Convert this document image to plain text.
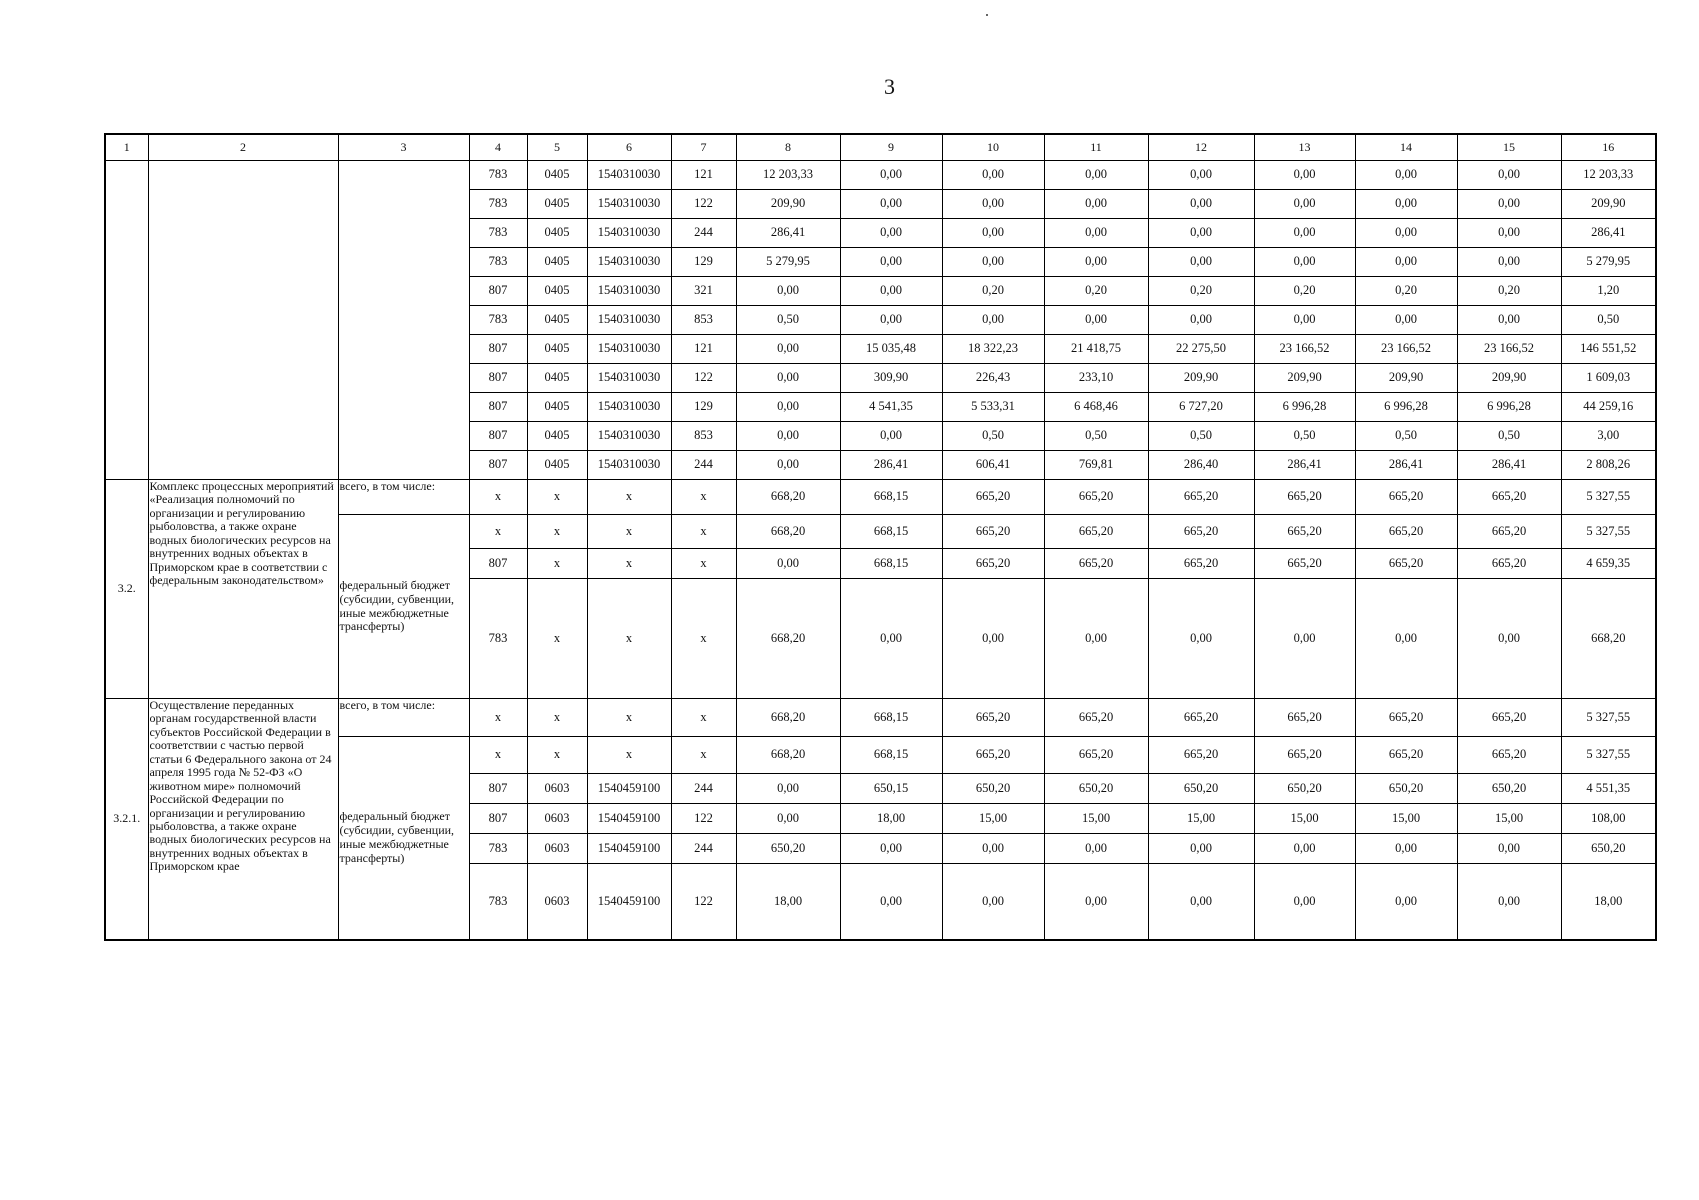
3
1	2	3	4	5	6	7	8	9	10	11	12	13	14	15	16
			783	0405	1540310030	121	12 203,33	0,00	0,00	0,00	0,00	0,00	0,00	0,00	12 203,33
			783	0405	1540310030	122	209,90	0,00	0,00	0,00	0,00	0,00	0,00	0,00	209,90
			783	0405	1540310030	244	286,41	0,00	0,00	0,00	0,00	0,00	0,00	0,00	286,41
			783	0405	1540310030	129	5 279,95	0,00	0,00	0,00	0,00	0,00	0,00	0,00	5 279,95
			807	0405	1540310030	321	0,00	0,00	0,20	0,20	0,20	0,20	0,20	0,20	1,20
			783	0405	1540310030	853	0,50	0,00	0,00	0,00	0,00	0,00	0,00	0,00	0,50
			807	0405	1540310030	121	0,00	15 035,48	18 322,23	21 418,75	22 275,50	23 166,52	23 166,52	23 166,52	146 551,52
			807	0405	1540310030	122	0,00	309,90	226,43	233,10	209,90	209,90	209,90	209,90	1 609,03
			807	0405	1540310030	129	0,00	4 541,35	5 533,31	6 468,46	6 727,20	6 996,28	6 996,28	6 996,28	44 259,16
			807	0405	1540310030	853	0,00	0,00	0,50	0,50	0,50	0,50	0,50	0,50	3,00
			807	0405	1540310030	244	0,00	286,41	606,41	769,81	286,40	286,41	286,41	286,41	2 808,26
3.2.	Комплекс процессных мероприятий «Реализация полномочий по организации и регулированию рыболовства, а также охране водных биологических ресурсов на внутренних водных объектах в Приморском крае в соответствии с федеральным законодательством»	всего, в том числе:	x	x	x	x	668,20	668,15	665,20	665,20	665,20	665,20	665,20	665,20	5 327,55
		федеральный бюджет (субсидии, субвенции, иные межбюджетные трансферты)	x	x	x	x	668,20	668,15	665,20	665,20	665,20	665,20	665,20	665,20	5 327,55
			807	x	x	x	0,00	668,15	665,20	665,20	665,20	665,20	665,20	665,20	4 659,35
			783	x	x	x	668,20	0,00	0,00	0,00	0,00	0,00	0,00	0,00	668,20
3.2.1.	Осуществление переданных органам государственной власти субъектов Российской Федерации в соответствии с частью первой статьи 6 Федерального закона от 24 апреля 1995 года № 52-ФЗ «О животном мире» полномочий Российской Федерации по организации и регулированию рыболовства, а также охране водных биологических ресурсов на внутренних водных объектах в Приморском крае	всего, в том числе:	x	x	x	x	668,20	668,15	665,20	665,20	665,20	665,20	665,20	665,20	5 327,55
		федеральный бюджет (субсидии, субвенции, иные межбюджетные трансферты)	x	x	x	x	668,20	668,15	665,20	665,20	665,20	665,20	665,20	665,20	5 327,55
			807	0603	1540459100	244	0,00	650,15	650,20	650,20	650,20	650,20	650,20	650,20	4 551,35
			807	0603	1540459100	122	0,00	18,00	15,00	15,00	15,00	15,00	15,00	15,00	108,00
			783	0603	1540459100	244	650,20	0,00	0,00	0,00	0,00	0,00	0,00	0,00	650,20
			783	0603	1540459100	122	18,00	0,00	0,00	0,00	0,00	0,00	0,00	0,00	18,00
